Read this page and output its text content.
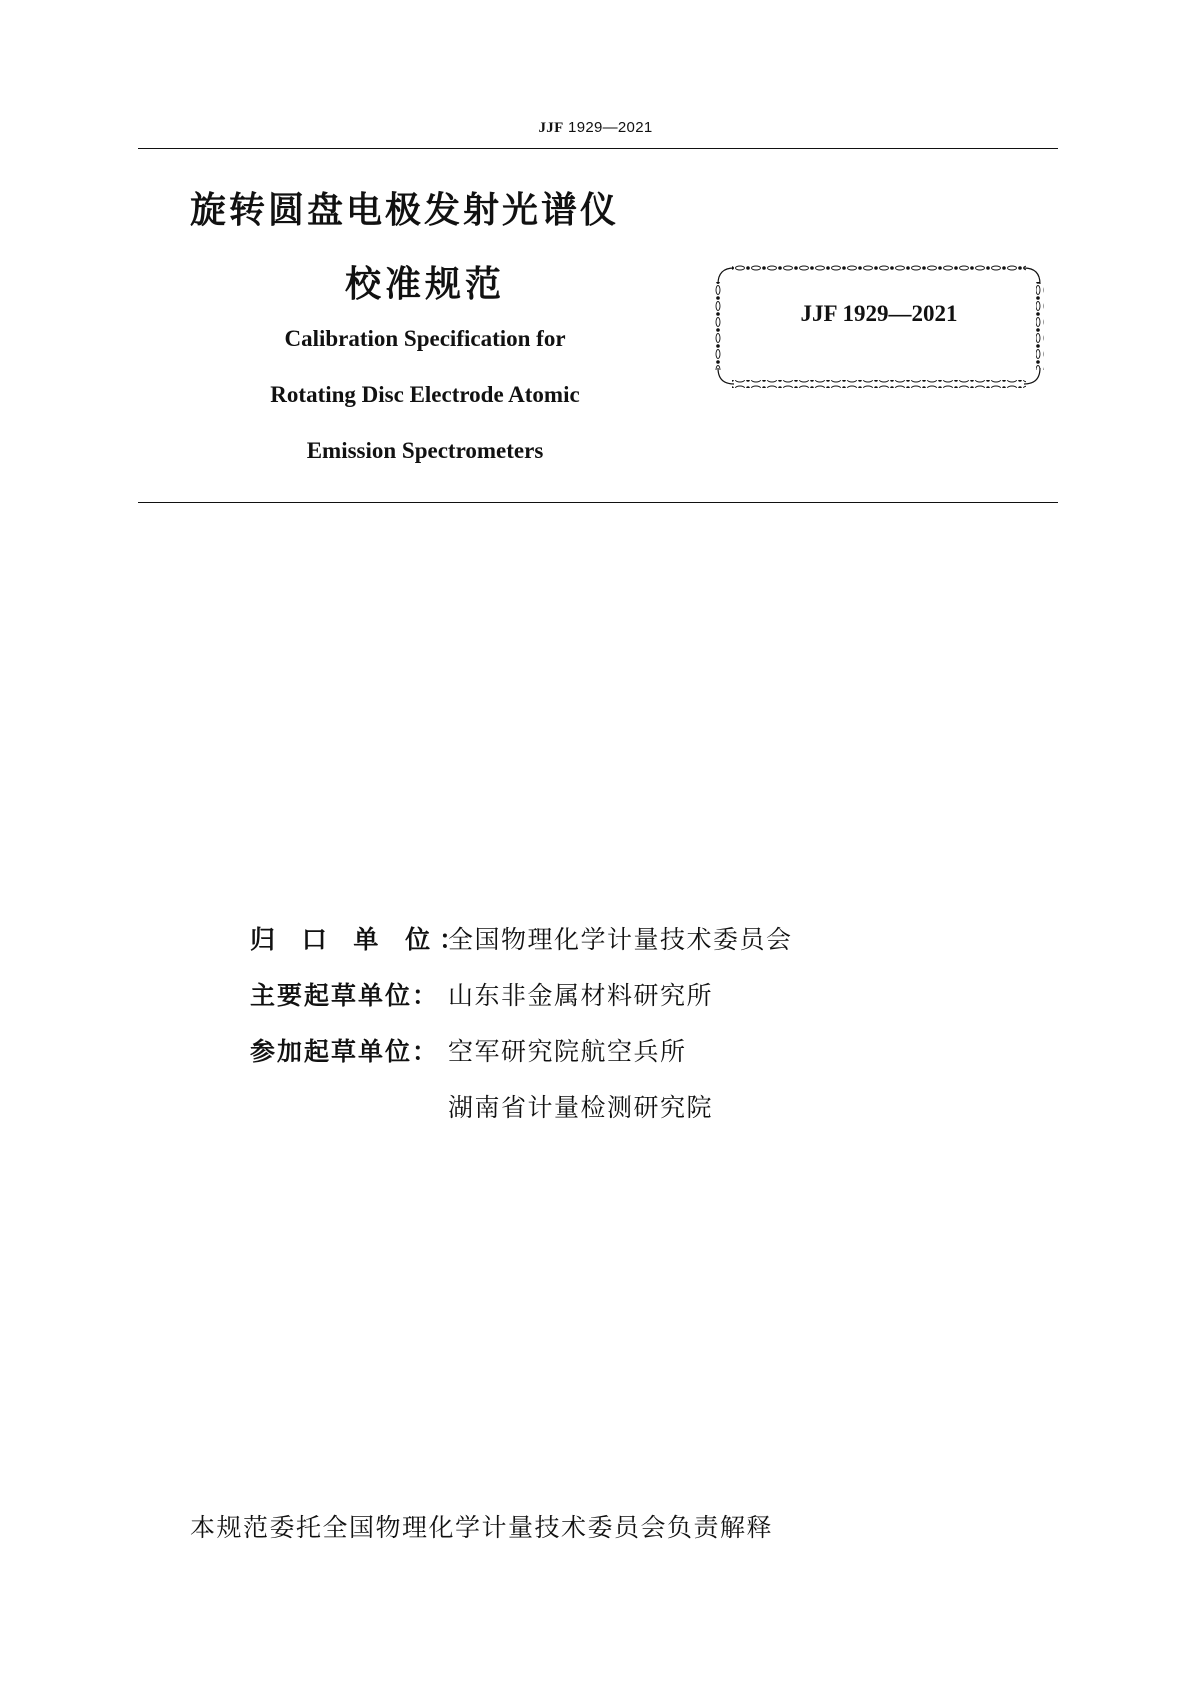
JJF 1929—2021
旋转圆盘电极发射光谱仪
校准规范
Calibration Specification for
Rotating Disc Electrode Atomic
Emission Spectrometers
JJF 1929—2021
归 口 单 位：
全国物理化学计量技术委员会
主要起草单位： 山东非金属材料研究所
参加起草单位： 空军研究院航空兵所
湖南省计量检测研究院
本规范委托全国物理化学计量技术委员会负责解释
